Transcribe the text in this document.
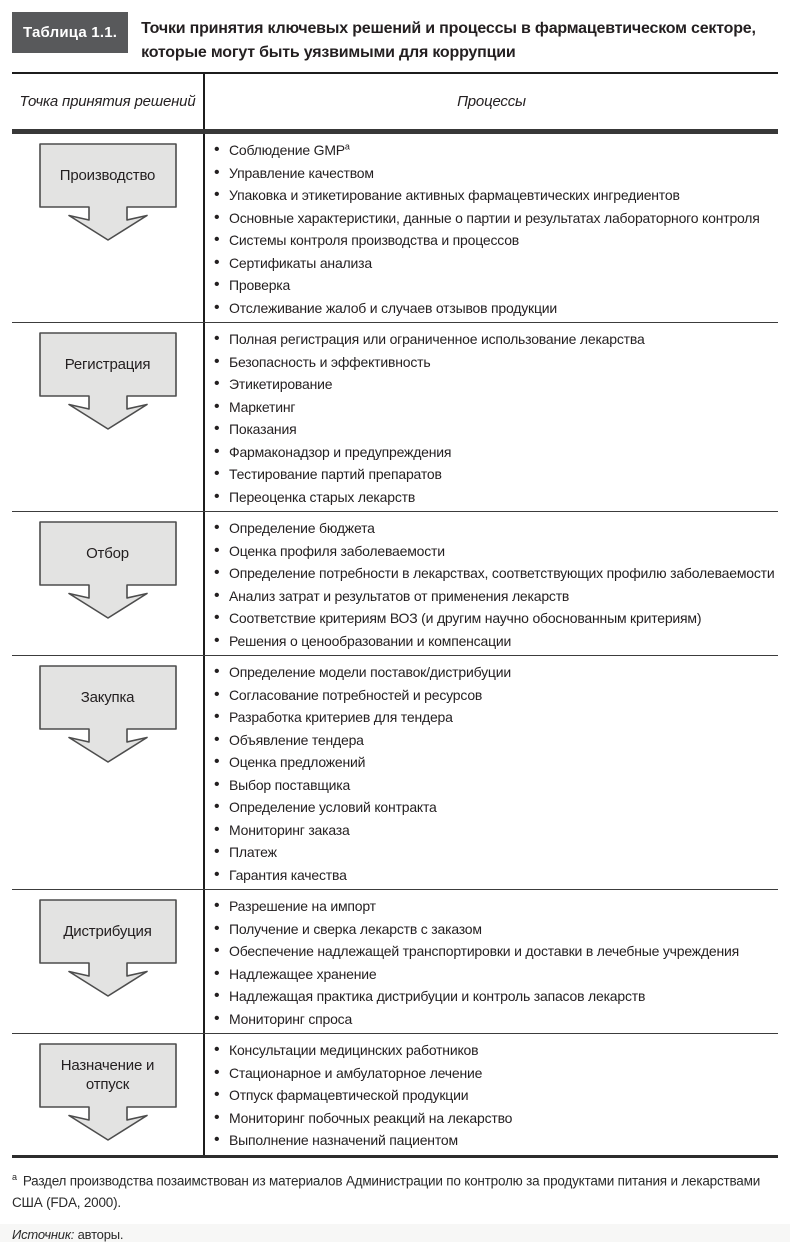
Таблица 1.1.	Точки принятия ключевых решений и процессы в фармацевтическом секторе,
которые могут быть уязвимыми для коррупции
Точка принятия решений	Процессы
Производство
• Соблюдение GMP$^a$
• Управление качеством
• Упаковка и этикетирование активных фармацевтических ингредиентов
• Основные характеристики, данные о партии и результатах лабораторного контроля
• Системы контроля производства и процессов
• Сертификаты анализа
• Проверка
• Отслеживание жалоб и случаев отзывов продукции
Регистрация
• Полная регистрация или ограниченное использование лекарства
• Безопасность и эффективность
• Этикетирование
• Маркетинг
• Показания
• Фармаконадзор и предупреждения
• Тестирование партий препаратов
• Переоценка старых лекарств
Отбор
• Определение бюджета
• Оценка профиля заболеваемости
• Определение потребности в лекарствах, соответствующих профилю заболеваемости
• Анализ затрат и результатов от применения лекарств
• Соответствие критериям ВОЗ (и другим научно обоснованным критериям)
• Решения о ценообразовании и компенсации
Закупка
• Определение модели поставок/дистрибуции
• Согласование потребностей и ресурсов
• Разработка критериев для тендера
• Объявление тендера
• Оценка предложений
• Выбор поставщика
• Определение условий контракта
• Мониторинг заказа
• Платеж
• Гарантия качества
Дистрибуция
• Разрешение на импорт
• Получение и сверка лекарств с заказом
• Обеспечение надлежащей транспортировки и доставки в лечебные учреждения
• Надлежащее хранение
• Надлежащая практика дистрибуции и контроль запасов лекарств
• Мониторинг спроса
Назначение и отпуск
• Консультации медицинских работников
• Стационарное и амбулаторное лечение
• Отпуск фармацевтической продукции
• Мониторинг побочных реакций на лекарство
• Выполнение назначений пациентом

$^a$ Раздел производства позаимствован из материалов Администрации по контролю за продуктами питания и лекарствами США (FDA, 2000).

Источник: авторы.
